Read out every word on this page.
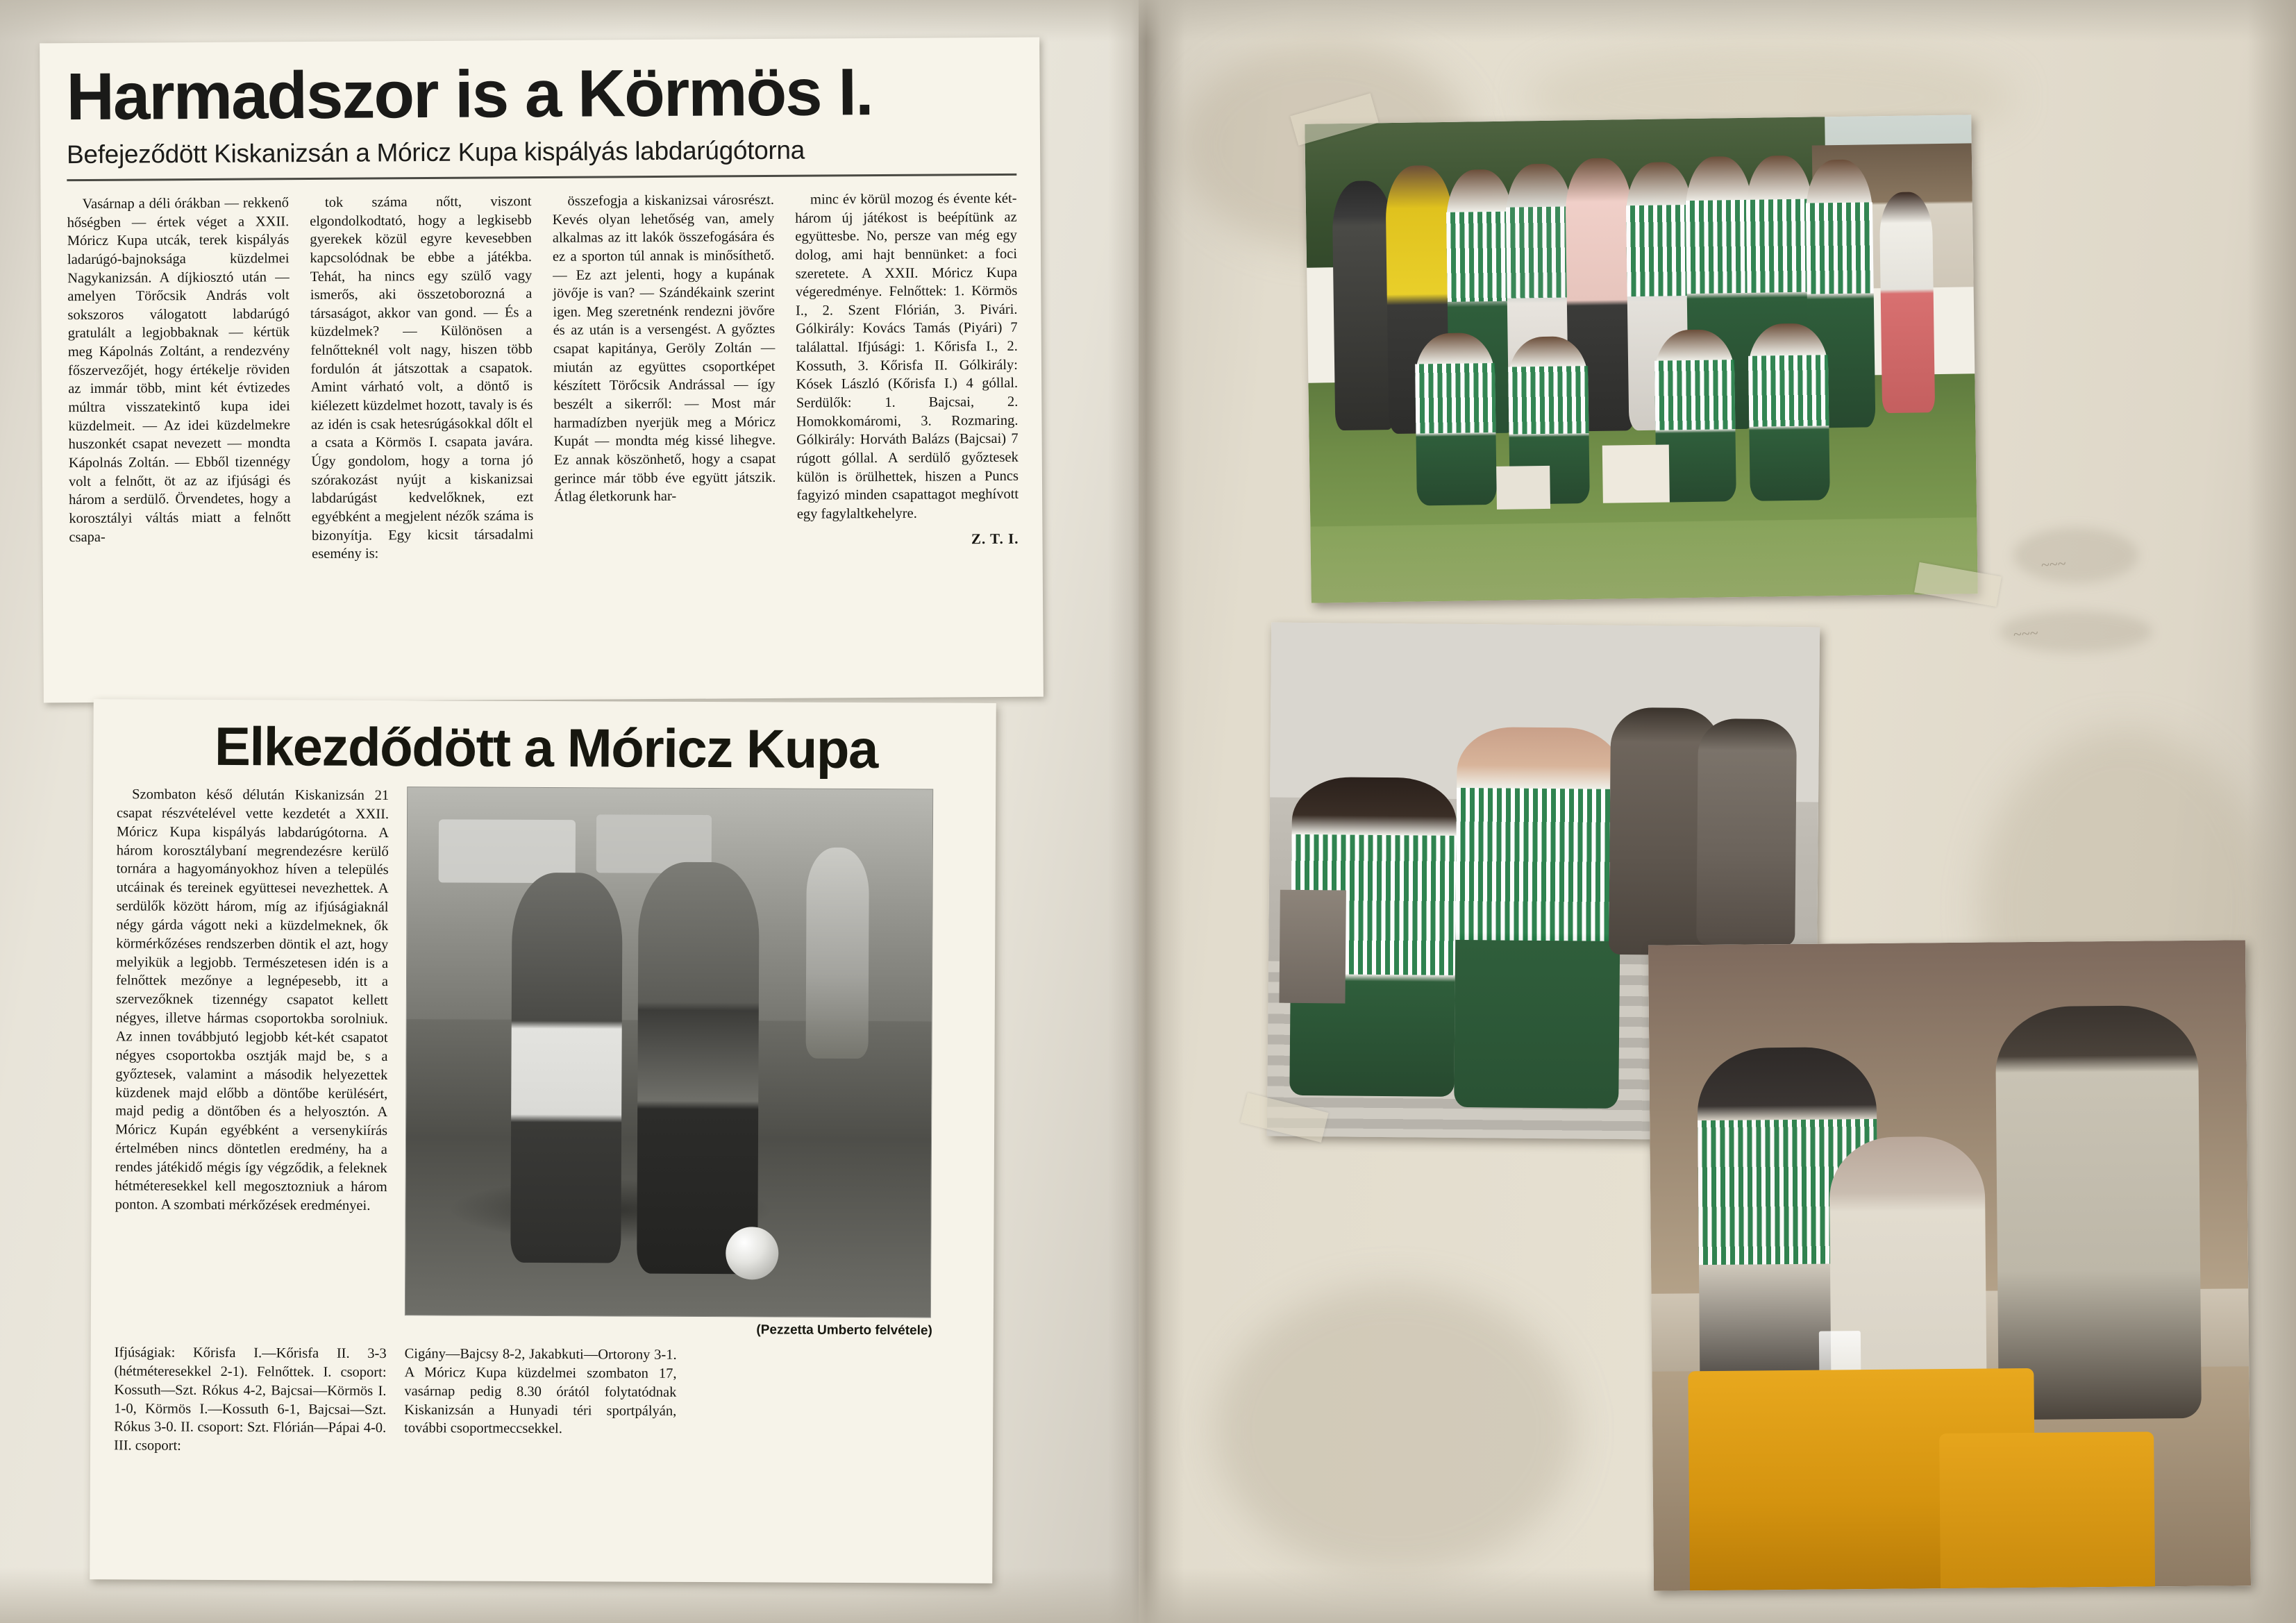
Harmadszor is a Körmös I.
Befejeződött Kiskanizsán a Móricz Kupa kispályás labdarúgótorna

Vasárnap a déli órákban — rekkenő hőségben — értek véget a XXII. Móricz Kupa utcák, terek kispályás ladarúgó-bajnoksága küzdelmei Nagykanizsán. A díjkiosztó után — amelyen Törőcsik András volt sokszoros válogatott labdarúgó gratulált a legjobbaknak — kértük meg Kápolnás Zoltánt, a rendezvény főszervezőjét, hogy értékelje röviden az immár több, mint két évtizedes múltra visszatekintő kupa idei küzdelmeit. — Az idei küzdelmekre huszonkét csapat nevezett — mondta Kápolnás Zoltán. — Ebből tizennégy volt a felnőtt, öt az az ifjúsági és három a serdülő. Örvendetes, hogy a korosztályi váltás miatt a felnőtt csapa-

tok száma nőtt, viszont elgondolkodtató, hogy a legkisebb gyerekek közül egyre kevesebben kapcsolódnak be ebbe a játékba. Tehát, ha nincs egy szülő vagy ismerős, aki összetoborozná a társaságot, akkor van gond. — És a küzdelmek? — Különösen a felnőtteknél volt nagy, hiszen több fordulón át játszottak a csapatok. Amint várható volt, a döntő is kiélezett küzdelmet hozott, tavaly is és az idén is csak hetesrúgásokkal dőlt el a csata a Körmös I. csapata javára. Úgy gondolom, hogy a torna jó szórakozást nyújt a kiskanizsai labdarúgást kedvelőknek, ezt egyébként a megjelent nézők száma is bizonyítja. Egy kicsit társadalmi esemény is:

összefogja a kiskanizsai városrészt. Kevés olyan lehetőség van, amely alkalmas az itt lakók összefogására és ez a sporton túl annak is minősíthető. — Ez azt jelenti, hogy a kupának jövője is van? — Szándékaink szerint igen. Meg szeretnénk rendezni jövőre és az után is a versengést. A győztes csapat kapitánya, Geröly Zoltán — miután az együttes csoportképet készített Törőcsik Andrással — így beszélt a sikerről: — Most már harmadízben nyerjük meg a Móricz Kupát — mondta még kissé lihegve. Ez annak köszönhető, hogy a csapat gerince már több éve együtt játszik. Átlag életkorunk har-

minc év körül mozog és évente két-három új játékost is beépítünk az együttesbe. No, persze van még egy dolog, ami hajt bennünket: a foci szeretete. A XXII. Móricz Kupa végeredménye. Felnőttek: 1. Körmös I., 2. Szent Flórián, 3. Pivári. Gólkirály: Kovács Tamás (Piyári) 7 találattal. Ifjúsági: 1. Kőrisfa I., 2. Kossuth, 3. Kőrisfa II. Gólkirály: Kósek László (Kőrisfa I.) 4 góllal. Serdülők: 1. Bajcsai, 2. Homokkomáromi, 3. Rozmaring. Gólkirály: Horváth Balázs (Bajcsai) 7 rúgott góllal. A serdülő győztesek külön is örülhettek, hiszen a Puncs fagyizó minden csapattagot meghívott egy fagylaltkehelyre.

Z. T. I.
Elkezdődött a Móricz Kupa

Szombaton késő délután Kiskanizsán 21 csapat részvételével vette kezdetét a XXII. Móricz Kupa kispályás labdarúgótorna. A három korosztálybaní megrendezésre kerülő tornára a hagyományokhoz híven a település utcáinak és tereinek együttesei nevezhettek. A serdülők között három, míg az ifjúságiaknál négy gárda vágott neki a küzdelmeknek, ők körmérkőzéses rendszerben döntik el azt, hogy melyikük a legjobb. Természetesen idén is a felnőttek mezőnye a legnépesebb, itt a szervezőknek tizennégy csapatot kellett négyes, illetve hármas csoportokba sorolniuk. Az innen továbbjutó legjobb két-két csapatot négyes csoportokba osztják majd be, s a győztesek, valamint a második helyezettek küzdenek majd előbb a döntőbe kerülésért, majd pedig a döntőben és a helyosztón. A Móricz Kupán egyébként a versenykiírás értelmében nincs döntetlen eredmény, ha a rendes játékidő mégis így végződik, a feleknek hétméteresekkel kell megosztozniuk a három ponton. A szombati mérkőzések eredményei.

(Pezzetta Umberto felvétele)
Ifjúságiak: Kőrisfa I.—Kőrisfa II. 3-3 (hétméteresekkel 2-1). Felnőttek. I. csoport: Kossuth—Szt. Rókus 4-2, Bajcsai—Körmös I. 1-0, Körmös I.—Kossuth 6-1, Bajcsai—Szt. Rókus 3-0. II. csoport: Szt. Flórián—Pápai 4-0. III. csoport:
Cigány—Bajcsy 8-2, Jakabkuti—Ortorony 3-1. A Móricz Kupa küzdelmei szombaton 17, vasárnap pedig 8.30 órától folytatódnak Kiskanizsán a Hunyadi téri sportpályán, további csoportmeccsekkel.
~~~
~~~
